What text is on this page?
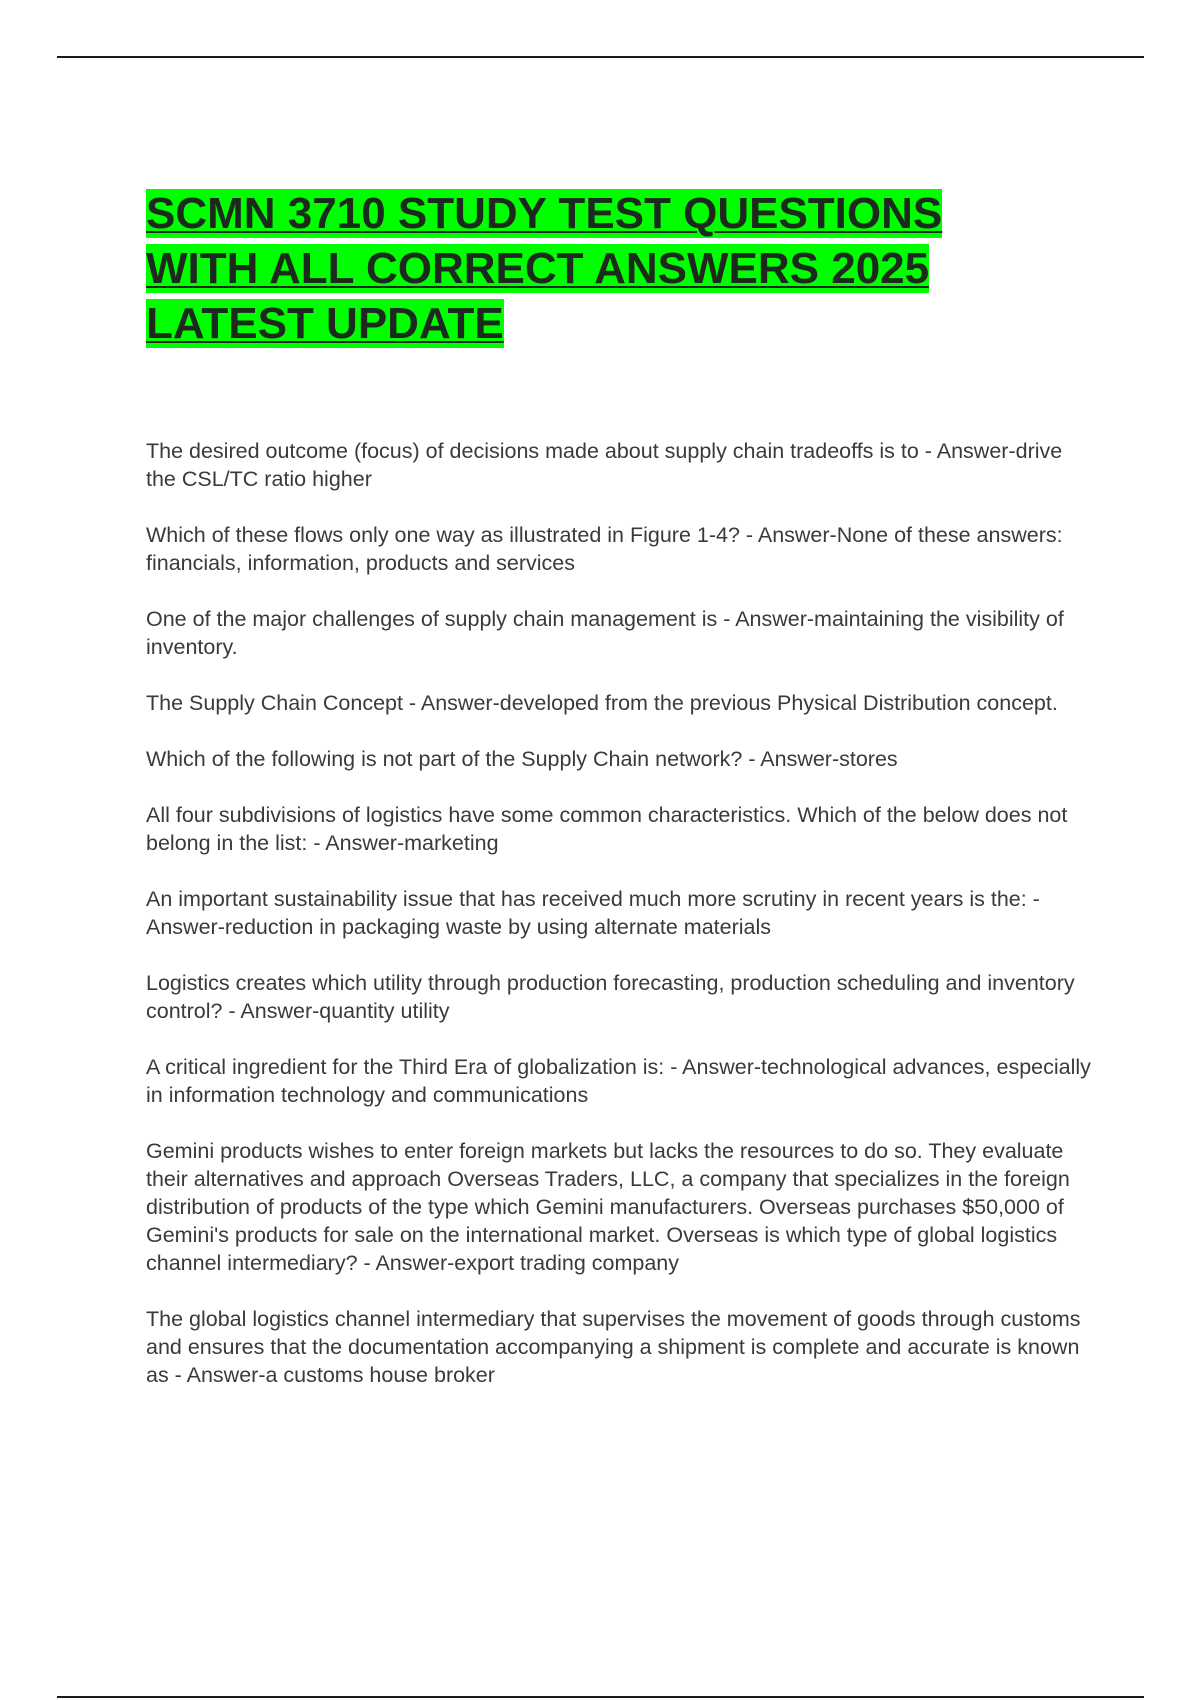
SCMN 3710 STUDY TEST QUESTIONS
WITH ALL CORRECT ANSWERS 2025
LATEST UPDATE

The desired outcome (focus) of decisions made about supply chain tradeoffs is to - Answer-drive the CSL/TC ratio higher

Which of these flows only one way as illustrated in Figure 1-4? - Answer-None of these answers: financials, information, products and services

One of the major challenges of supply chain management is - Answer-maintaining the visibility of inventory.

The Supply Chain Concept - Answer-developed from the previous Physical Distribution concept.

Which of the following is not part of the Supply Chain network? - Answer-stores

All four subdivisions of logistics have some common characteristics. Which of the below does not belong in the list: - Answer-marketing

An important sustainability issue that has received much more scrutiny in recent years is the: - Answer-reduction in packaging waste by using alternate materials

Logistics creates which utility through production forecasting, production scheduling and inventory control? - Answer-quantity utility

A critical ingredient for the Third Era of globalization is: - Answer-technological advances, especially in information technology and communications

Gemini products wishes to enter foreign markets but lacks the resources to do so. They evaluate their alternatives and approach Overseas Traders, LLC, a company that specializes in the foreign distribution of products of the type which Gemini manufacturers. Overseas purchases $50,000 of Gemini's products for sale on the international market. Overseas is which type of global logistics channel intermediary? - Answer-export trading company

The global logistics channel intermediary that supervises the movement of goods through customs and ensures that the documentation accompanying a shipment is complete and accurate is known as - Answer-a customs house broker
